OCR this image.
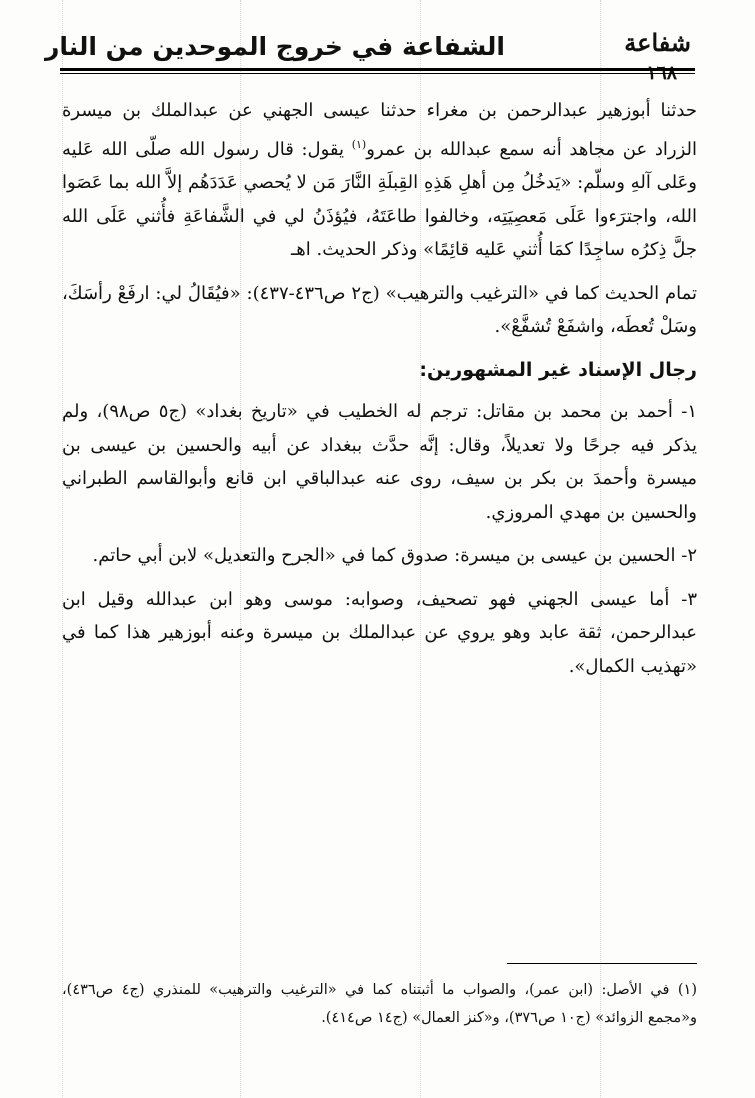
شفاعة
الشفاعة في خروج الموحدين من النار

حدثنا أبوزهير عبدالرحمن بن مغراء حدثنا عيسى الجهني عن عبدالملك بن ميسرة الزراد عن مجاهد أنه سمع عبدالله بن عمرو$^{(١)}$ يقول: قال رسول الله صلّى الله عَليه وعَلى آلهِ وسلّم: «يَدخُلُ مِن أهلِ هَذِهِ القِبلَةِ النَّارَ مَن لا يُحصي عَدَدَهُم إلاَّ الله بما عَصَوا الله، واجترَءوا عَلَى مَعصِيَتِه، وخالفوا طاعَتَهُ، فيُؤذَنُ لي في الشَّفاعَةِ فأُثني عَلَى الله جلَّ ذِكرُه ساجِدًا كمَا أُثني عَليه قائِمًا» وذكر الحديث. اهـ

تمام الحديث كما في «الترغيب والترهيب» (ج٢ ص٤٣٦-٤٣٧): «فيُقَالُ لي: ارفَعْ رأسَكَ، وسَلْ تُعطَه، واشفَعْ تُشفَّعْ».

رجال الإسناد غير المشهورين:

١- أحمد بن محمد بن مقاتل: ترجم له الخطيب في «تاريخ بغداد» (ج٥ ص٩٨)، ولم يذكر فيه جرحًا ولا تعديلاً، وقال: إنَّه حدَّث ببغداد عن أبيه والحسين بن عيسى بن ميسرة وأحمدَ بن بكر بن سيف، روى عنه عبدالباقي ابن قانع وأبوالقاسم الطبراني والحسين بن مهدي المروزي.

٢- الحسين بن عيسى بن ميسرة: صدوق كما في «الجرح والتعديل» لابن أبي حاتم.

٣- أما عيسى الجهني فهو تصحيف، وصوابه: موسى وهو ابن عبدالله وقيل ابن عبدالرحمن، ثقة عابد وهو يروي عن عبدالملك بن ميسرة وعنه أبوزهير هذا كما في «تهذيب الكمال».

(١) في الأصل: (ابن عمر)، والصواب ما أثبتناه كما في «الترغيب والترهيب» للمنذري (ج٤ ص٤٣٦)، و«مجمع الزوائد» (ج١٠ ص٣٧٦)، و«كنز العمال» (ج١٤ ص٤١٤).
